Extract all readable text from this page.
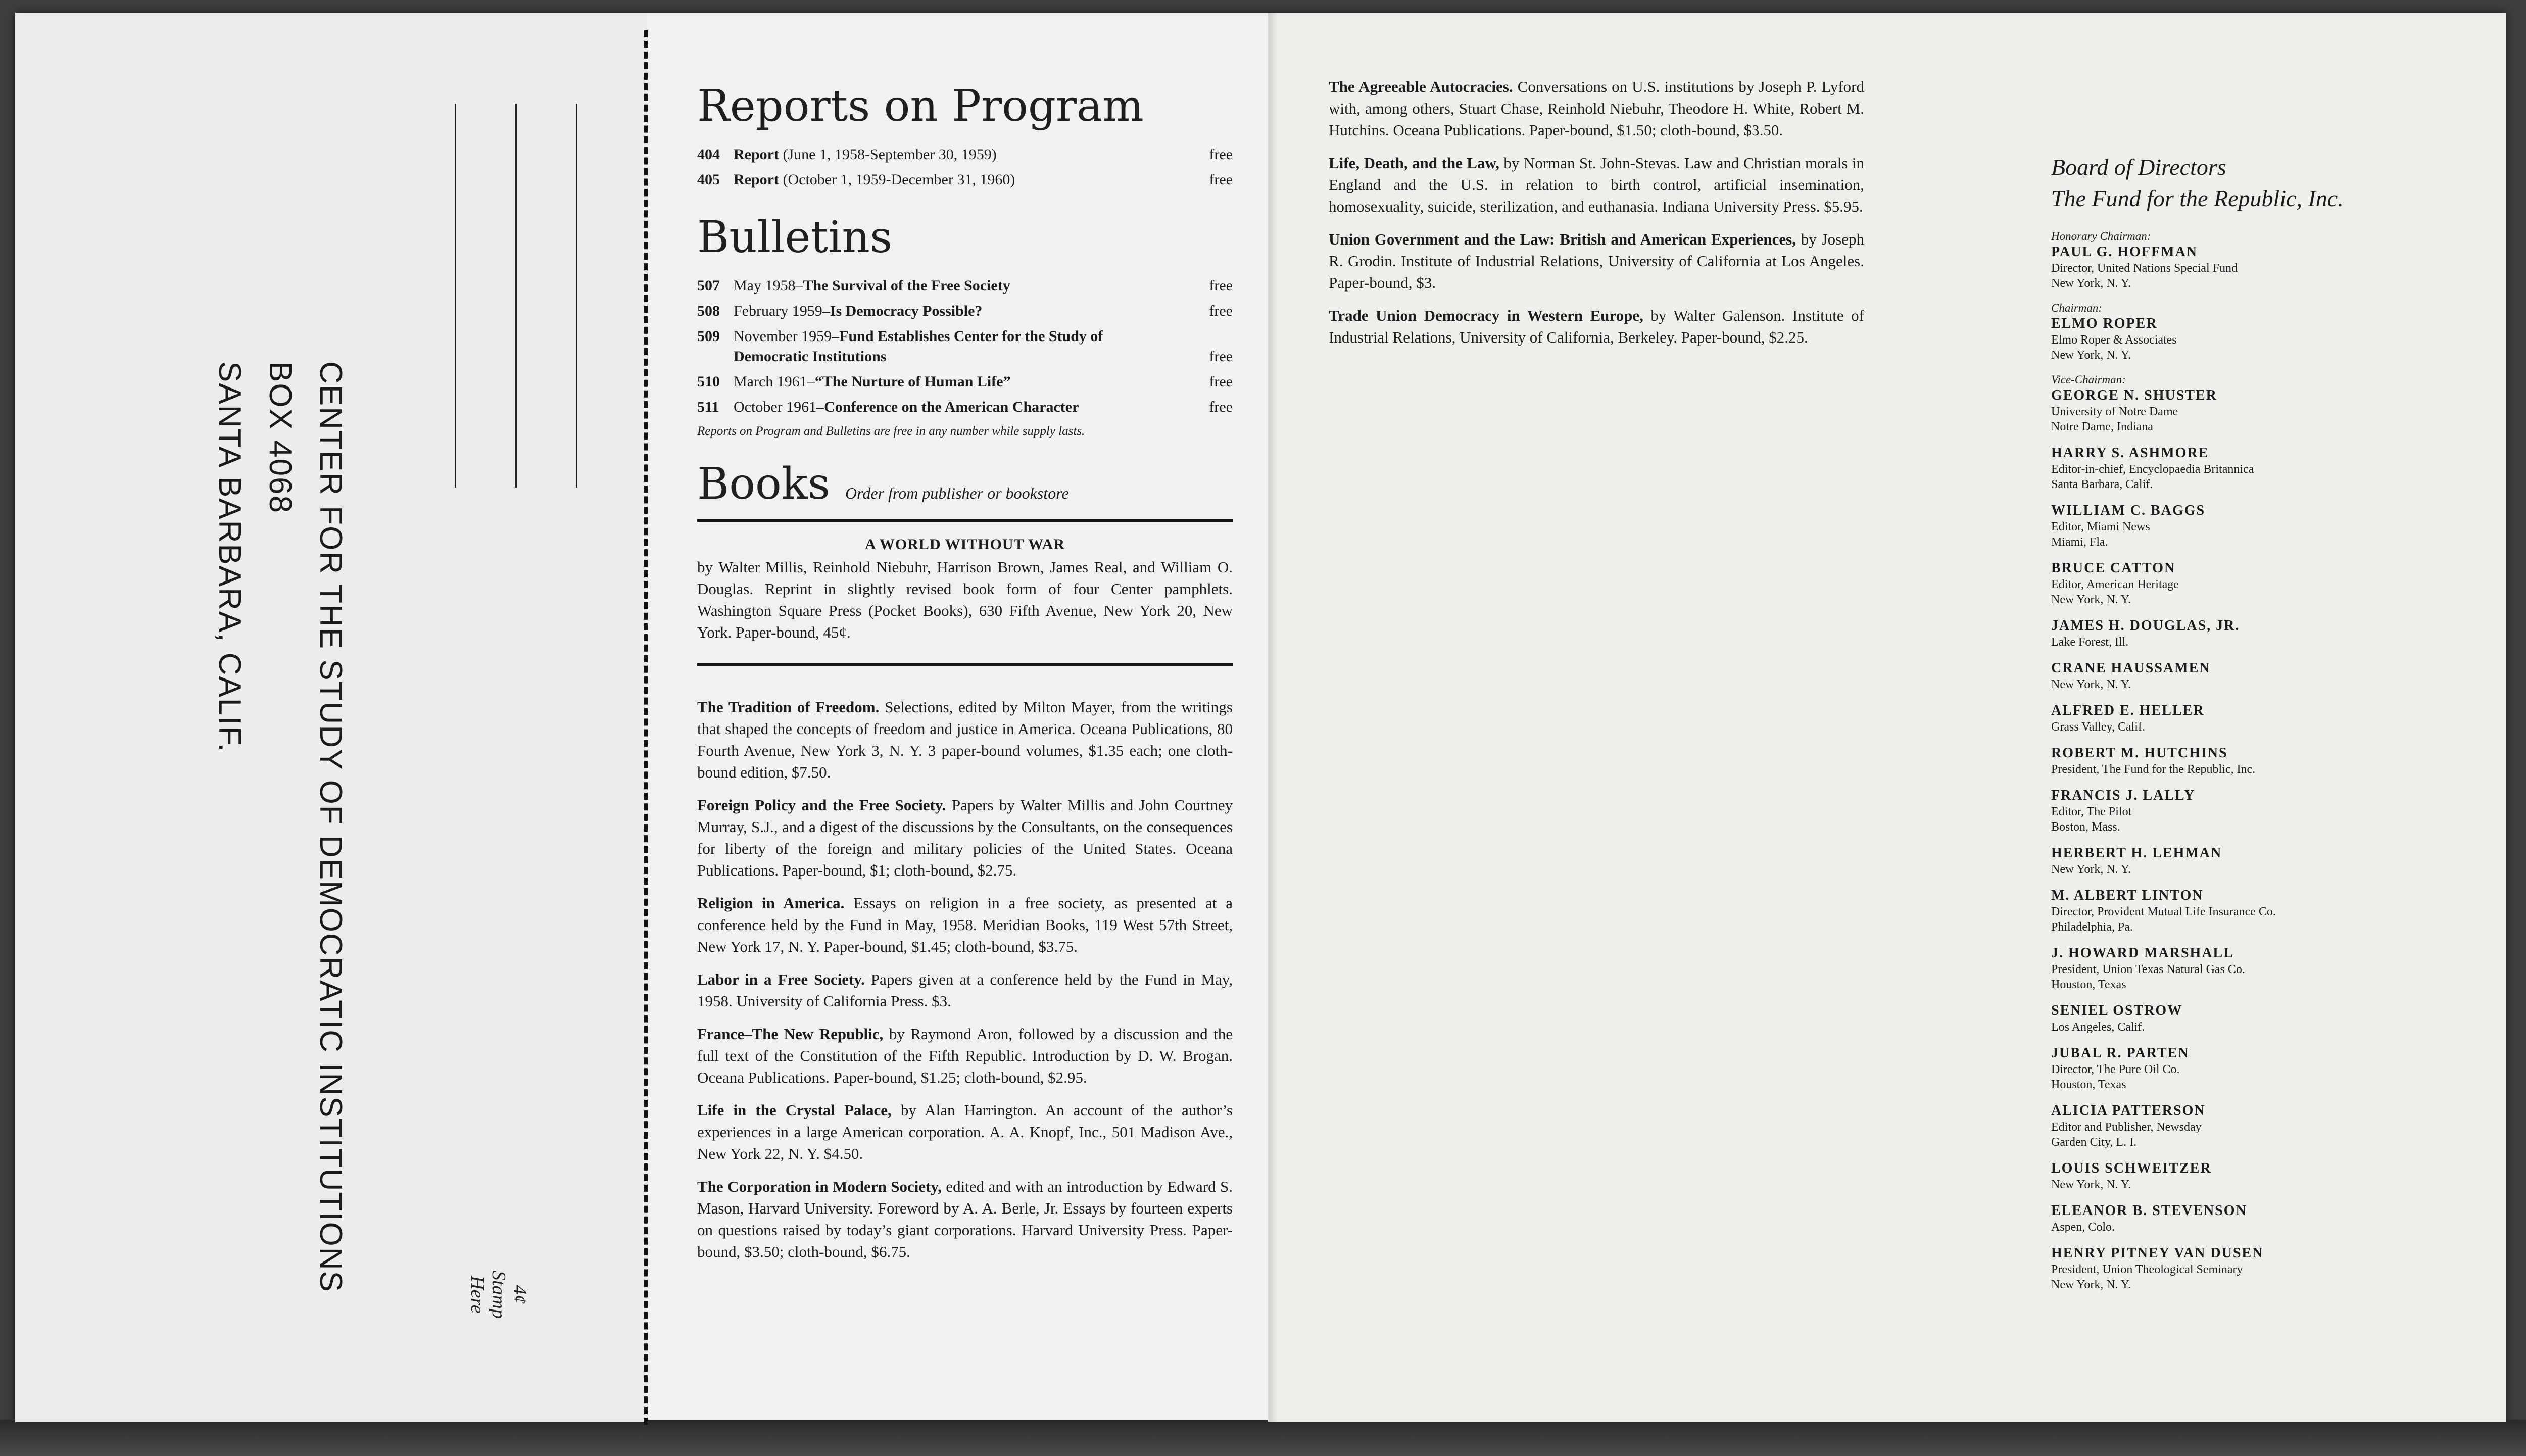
CENTER FOR THE STUDY OF DEMOCRATIC INSTITUTIONS
BOX 4068
SANTA BARBARA, CALIF.
4¢
Stamp
Here
Reports on Program
404 Report (June 1, 1958-September 30, 1959)	free
405 Report (October 1, 1959-December 31, 1960)	free
Bulletins
507 May 1958–The Survival of the Free Society	free
508 February 1959–Is Democracy Possible?	free
509 November 1959–Fund Establishes Center for the Study of Democratic Institutions	free
510 March 1961–“The Nurture of Human Life”	free
511 October 1961–Conference on the American Character	free
Reports on Program and Bulletins are free in any number while supply lasts.
Books Order from publisher or bookstore
A WORLD WITHOUT WAR
by Walter Millis, Reinhold Niebuhr, Harrison Brown, James Real, and William O. Douglas. Reprint in slightly revised book form of four Center pamphlets. Washington Square Press (Pocket Books), 630 Fifth Avenue, New York 20, New York. Paper-bound, 45¢.
The Tradition of Freedom. Selections, edited by Milton Mayer, from the writings that shaped the concepts of freedom and justice in America. Oceana Publications, 80 Fourth Avenue, New York 3, N. Y. 3 paper-bound volumes, $1.35 each; one cloth-bound edition, $7.50.
Foreign Policy and the Free Society. Papers by Walter Millis and John Courtney Murray, S.J., and a digest of the discussions by the Consultants, on the consequences for liberty of the foreign and military policies of the United States. Oceana Publications. Paper-bound, $1; cloth-bound, $2.75.
Religion in America. Essays on religion in a free society, as presented at a conference held by the Fund in May, 1958. Meridian Books, 119 West 57th Street, New York 17, N. Y. Paper-bound, $1.45; cloth-bound, $3.75.
Labor in a Free Society. Papers given at a conference held by the Fund in May, 1958. University of California Press. $3.
France–The New Republic, by Raymond Aron, followed by a discussion and the full text of the Constitution of the Fifth Republic. Introduction by D. W. Brogan. Oceana Publications. Paper-bound, $1.25; cloth-bound, $2.95.
Life in the Crystal Palace, by Alan Harrington. An account of the author’s experiences in a large American corporation. A. A. Knopf, Inc., 501 Madison Ave., New York 22, N. Y. $4.50.
The Corporation in Modern Society, edited and with an introduction by Edward S. Mason, Harvard University. Foreword by A. A. Berle, Jr. Essays by fourteen experts on questions raised by today’s giant corporations. Harvard University Press. Paper-bound, $3.50; cloth-bound, $6.75.
The Agreeable Autocracies. Conversations on U.S. institutions by Joseph P. Lyford with, among others, Stuart Chase, Reinhold Niebuhr, Theodore H. White, Robert M. Hutchins. Oceana Publications. Paper-bound, $1.50; cloth-bound, $3.50.
Life, Death, and the Law, by Norman St. John-Stevas. Law and Christian morals in England and the U.S. in relation to birth control, artificial insemination, homosexuality, suicide, sterilization, and euthanasia. Indiana University Press. $5.95.
Union Government and the Law: British and American Experiences, by Joseph R. Grodin. Institute of Industrial Relations, University of California at Los Angeles. Paper-bound, $3.
Trade Union Democracy in Western Europe, by Walter Galenson. Institute of Industrial Relations, University of California, Berkeley. Paper-bound, $2.25.
Board of Directors
The Fund for the Republic, Inc.
Honorary Chairman:
PAUL G. HOFFMAN
Director, United Nations Special Fund
New York, N. Y.
Chairman:
ELMO ROPER
Elmo Roper & Associates
New York, N. Y.
Vice-Chairman:
GEORGE N. SHUSTER
University of Notre Dame
Notre Dame, Indiana
HARRY S. ASHMORE
Editor-in-chief, Encyclopaedia Britannica
Santa Barbara, Calif.
WILLIAM C. BAGGS
Editor, Miami News
Miami, Fla.
BRUCE CATTON
Editor, American Heritage
New York, N. Y.
JAMES H. DOUGLAS, JR.
Lake Forest, Ill.
CRANE HAUSSAMEN
New York, N. Y.
ALFRED E. HELLER
Grass Valley, Calif.
ROBERT M. HUTCHINS
President, The Fund for the Republic, Inc.
FRANCIS J. LALLY
Editor, The Pilot
Boston, Mass.
HERBERT H. LEHMAN
New York, N. Y.
M. ALBERT LINTON
Director, Provident Mutual Life Insurance Co.
Philadelphia, Pa.
J. HOWARD MARSHALL
President, Union Texas Natural Gas Co.
Houston, Texas
SENIEL OSTROW
Los Angeles, Calif.
JUBAL R. PARTEN
Director, The Pure Oil Co.
Houston, Texas
ALICIA PATTERSON
Editor and Publisher, Newsday
Garden City, L. I.
LOUIS SCHWEITZER
New York, N. Y.
ELEANOR B. STEVENSON
Aspen, Colo.
HENRY PITNEY VAN DUSEN
President, Union Theological Seminary
New York, N. Y.
